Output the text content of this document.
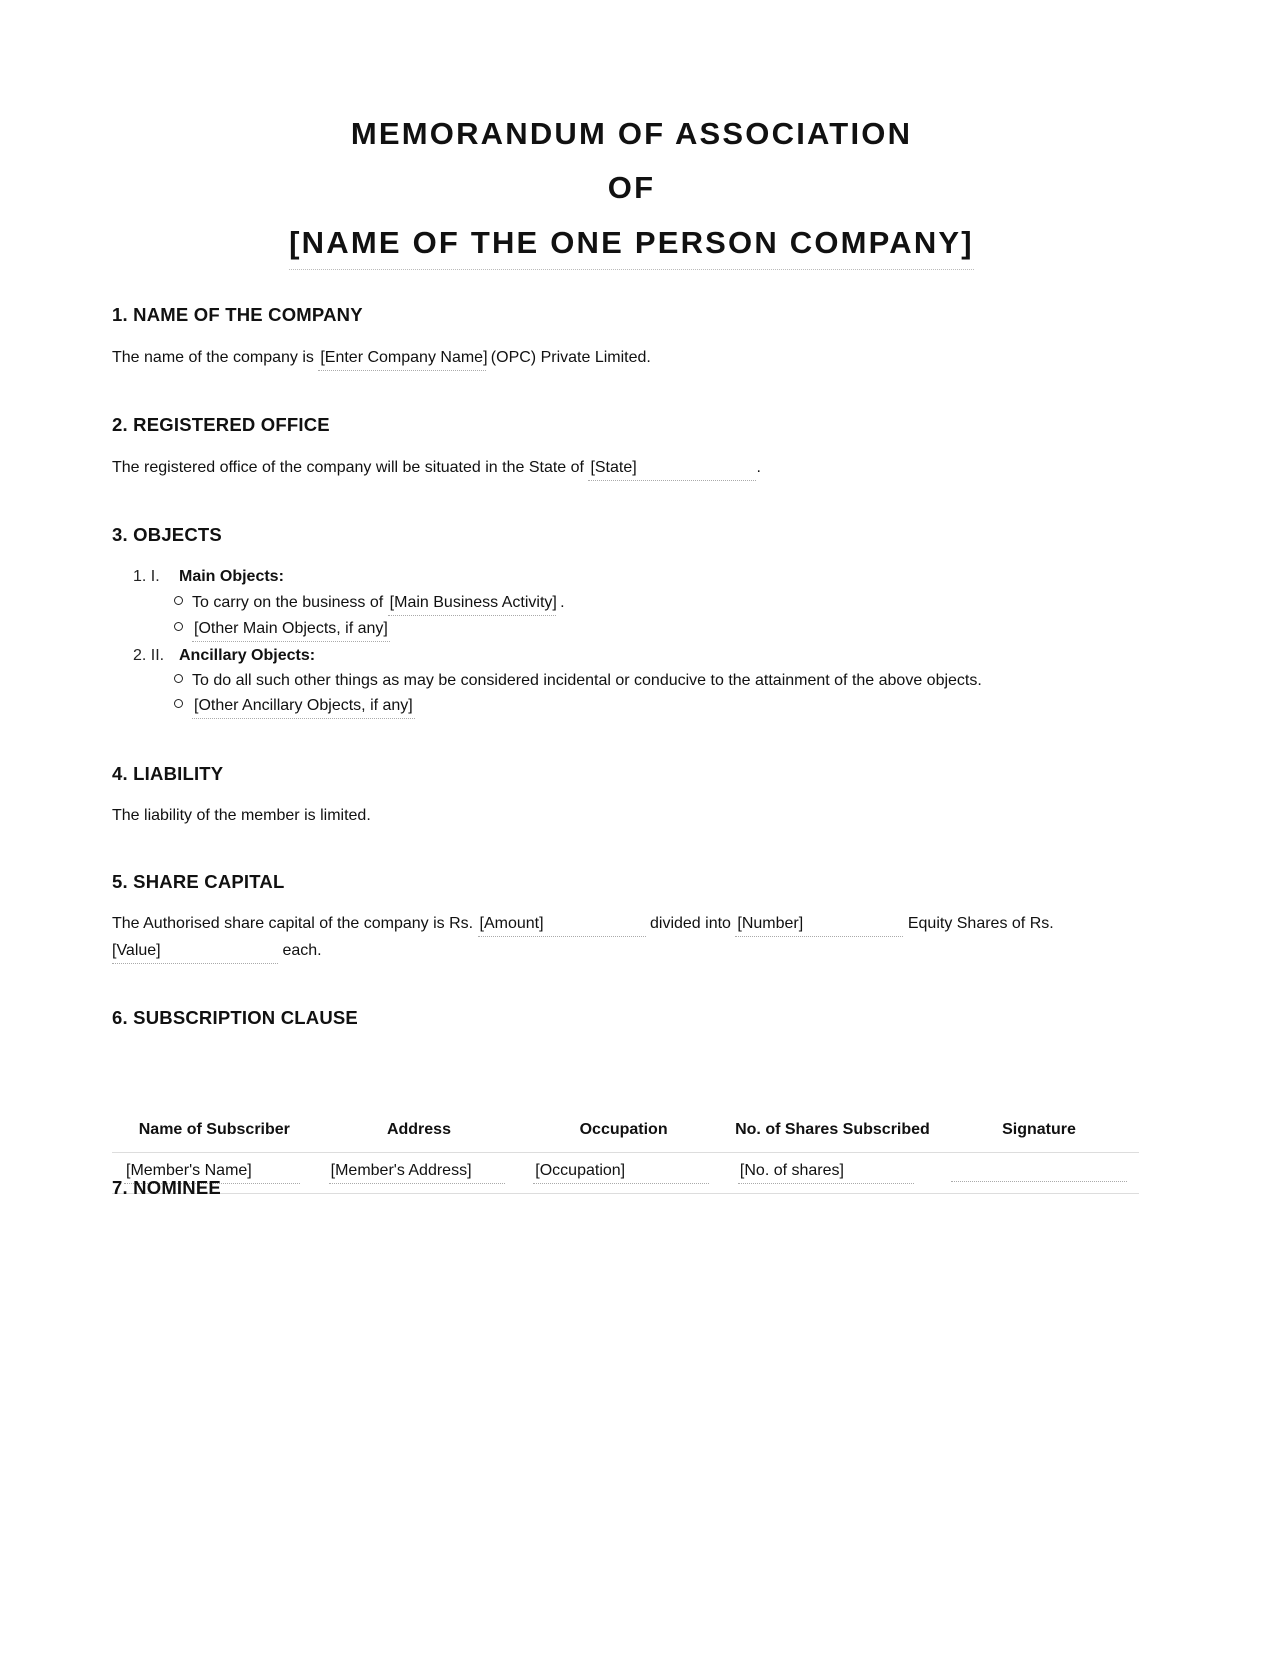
MEMORANDUM OF ASSOCIATION
OF
[NAME OF THE ONE PERSON COMPANY]
1. NAME OF THE COMPANY
The name of the company is [Enter Company Name] (OPC) Private Limited.
2. REGISTERED OFFICE
The registered office of the company will be situated in the State of [State]	.
3. OBJECTS
1. I. Main Objects:
To carry on the business of [Main Business Activity] .
[Other Main Objects, if any]
2. II. Ancillary Objects:
To do all such other things as may be considered incidental or conducive to the attainment of the above objects.
[Other Ancillary Objects, if any]
4. LIABILITY
The liability of the member is limited.
5. SHARE CAPITAL
The Authorised share capital of the company is Rs. [Amount]	divided into [Number]	Equity Shares of Rs.
[Value]	each.
6. SUBSCRIPTION CLAUSE
Name of Subscriber	Address	Occupation	No. of Shares Subscribed	Signature
[Member's Name]	[Member's Address]	[Occupation]	[No. of shares]	
7. NOMINEE
